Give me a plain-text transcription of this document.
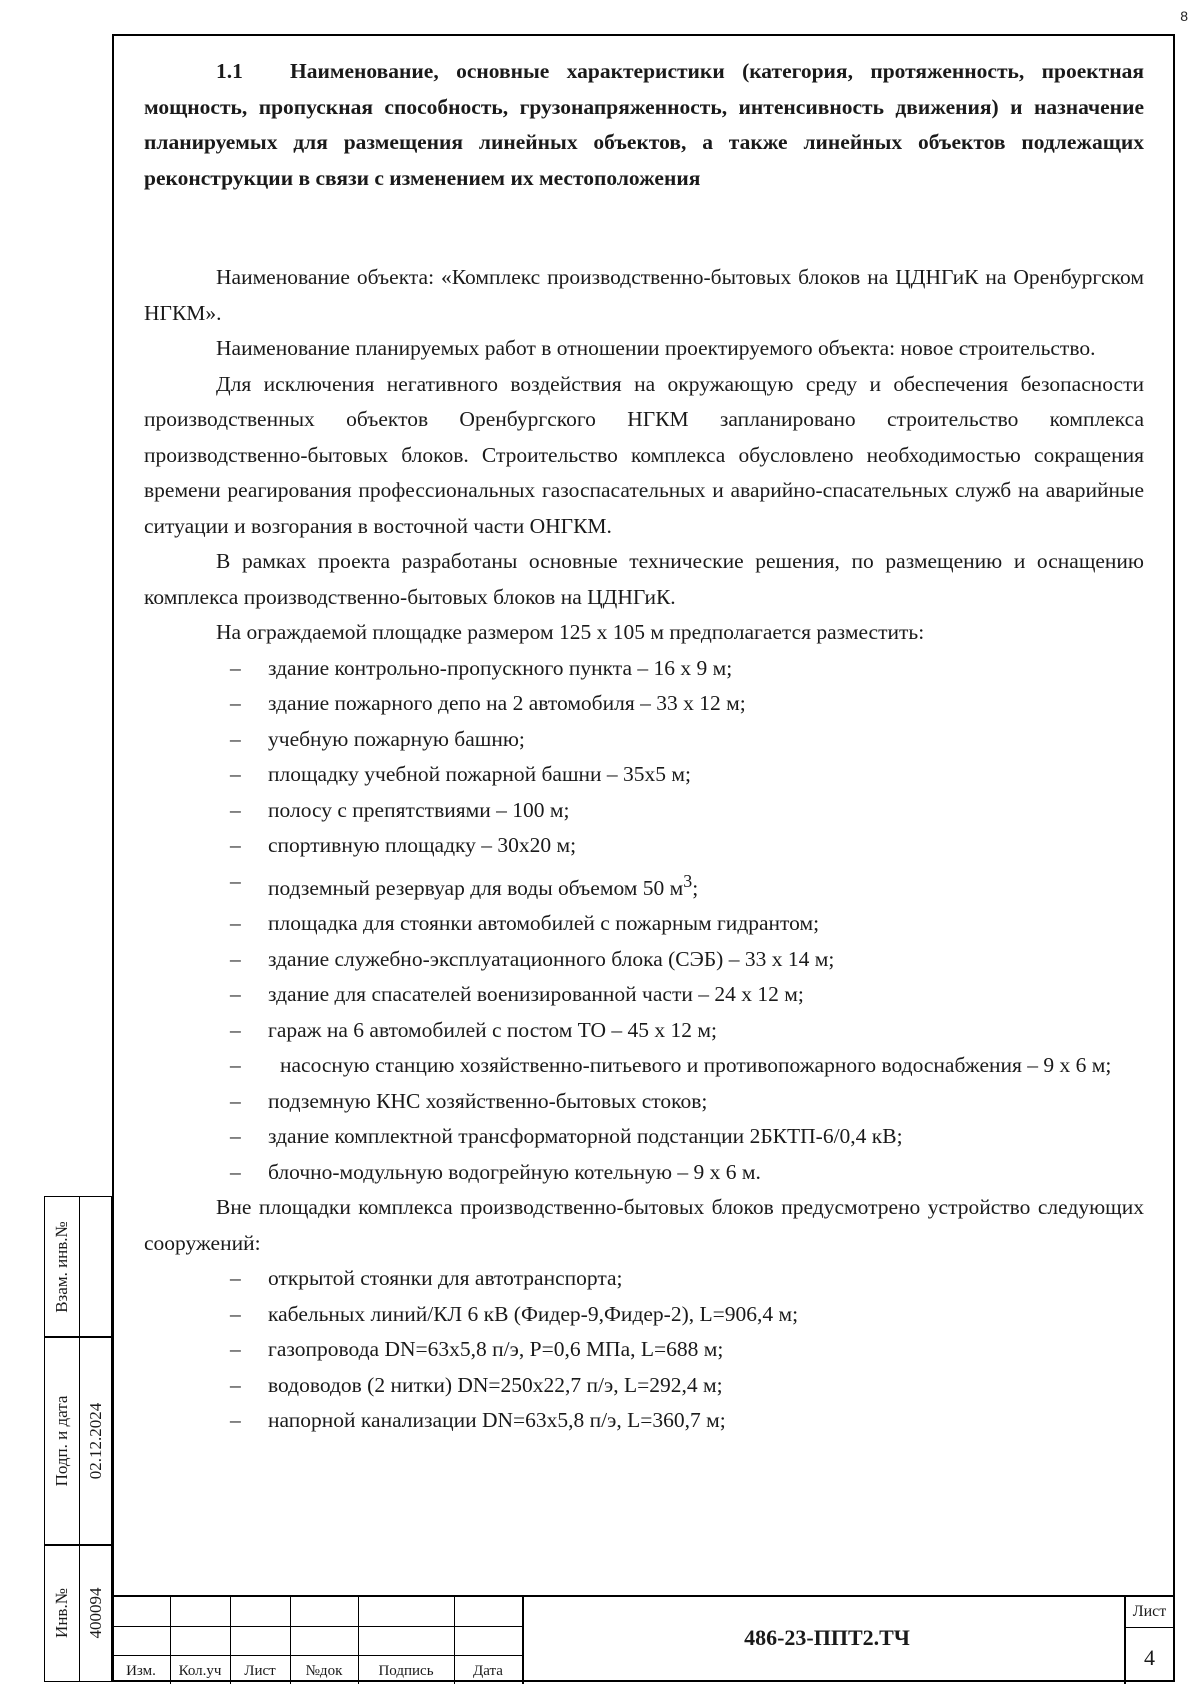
8

1.1 Наименование, основные характеристики (категория, протяженность, проектная мощность, пропускная способность, грузонапряженность, интенсивность движения) и назначение планируемых для размещения линейных объектов, а также линейных объектов подлежащих реконструкции в связи с изменением их местоположения

Наименование объекта: «Комплекс производственно-бытовых блоков на ЦДНГиК на Оренбургском НГКМ».

Наименование планируемых работ в отношении проектируемого объекта: новое строительство.

Для исключения негативного воздействия на окружающую среду и обеспечения безопасности производственных объектов Оренбургского НГКМ запланировано строительство комплекса производственно-бытовых блоков. Строительство комплекса обусловлено необходимостью сокращения времени реагирования профессиональных газоспасательных и аварийно-спасательных служб на аварийные ситуации и возгорания в восточной части ОНГКМ.

В рамках проекта разработаны основные технические решения, по размещению и оснащению комплекса производственно-бытовых блоков на ЦДНГиК.

На ограждаемой площадке размером 125 х 105 м предполагается разместить:

– здание контрольно-пропускного пункта – 16 х 9 м;
– здание пожарного депо на 2 автомобиля – 33 х 12 м;
– учебную пожарную башню;
– площадку учебной пожарной башни – 35х5 м;
– полосу с препятствиями – 100 м;
– спортивную площадку – 30х20 м;
– подземный резервуар для воды объемом 50 $м^3$;
– площадка для стоянки автомобилей с пожарным гидрантом;
– здание служебно-эксплуатационного блока (СЭБ) – 33 х 14 м;
– здание для спасателей военизированной части – 24 х 12 м;
– гараж на 6 автомобилей с постом ТО – 45 х 12 м;
– насосную станцию хозяйственно-питьевого и противопожарного водоснабжения – 9 х 6 м;
– подземную КНС хозяйственно-бытовых стоков;
– здание комплектной трансформаторной подстанции 2БКТП-6/0,4 кВ;
– блочно-модульную водогрейную котельную – 9 х 6 м.

Вне площадки комплекса производственно-бытовых блоков предусмотрено устройство следующих сооружений:

– открытой стоянки для автотранспорта;
– кабельных линий/КЛ 6 кВ (Фидер-9,Фидер-2), L=906,4 м;
– газопровода DN=63х5,8 п/э, P=0,6 МПа, L=688 м;
– водоводов (2 нитки) DN=250х22,7 п/э, L=292,4 м;
– напорной канализации DN=63х5,8 п/э, L=360,7 м;
Взам. инв.№
Подп. и дата 02.12.2024
Инв.№ 400094
Изм.	Кол.уч	Лист	№док	Подпись	Дата
486-23-ППТ2.ТЧ
Лист
4
